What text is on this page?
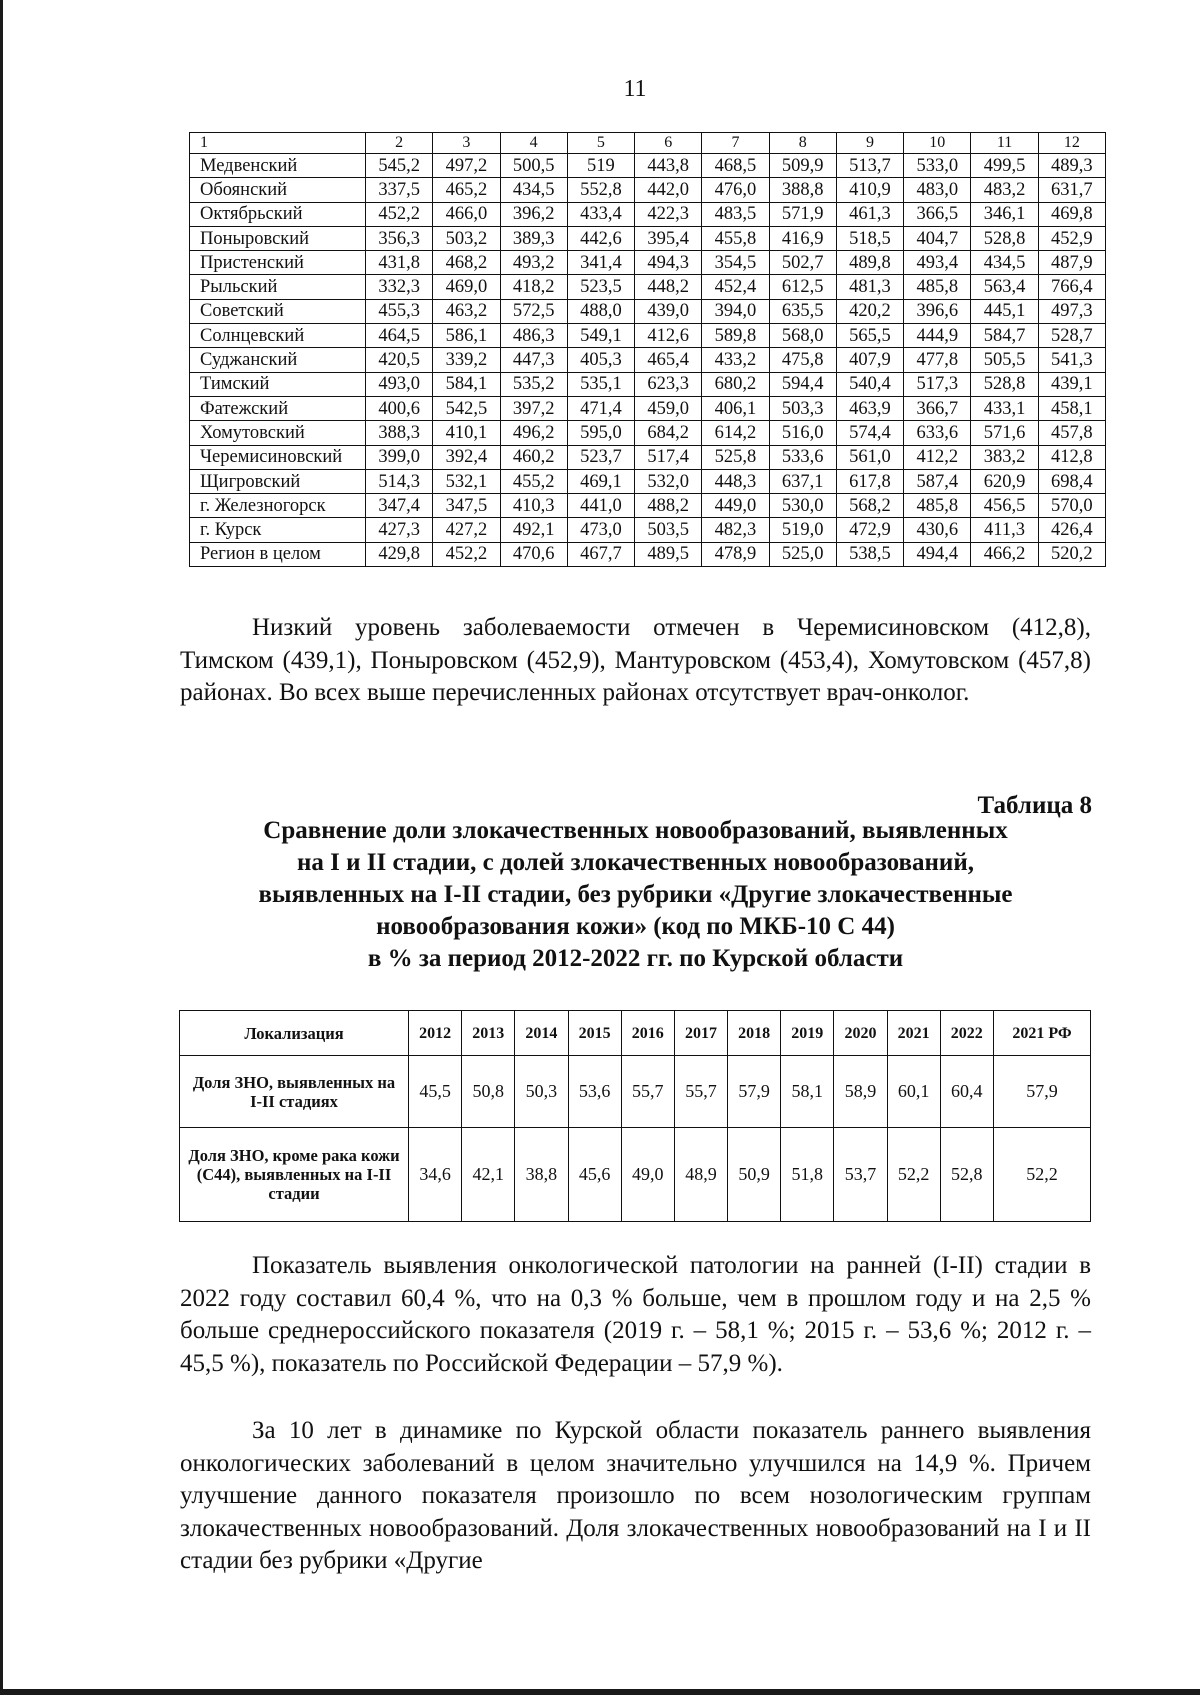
11
1	2	3	4	5	6	7	8	9	10	11	12
Медвенский	545,2	497,2	500,5	519	443,8	468,5	509,9	513,7	533,0	499,5	489,3
Обоянский	337,5	465,2	434,5	552,8	442,0	476,0	388,8	410,9	483,0	483,2	631,7
Октябрьский	452,2	466,0	396,2	433,4	422,3	483,5	571,9	461,3	366,5	346,1	469,8
Поныровский	356,3	503,2	389,3	442,6	395,4	455,8	416,9	518,5	404,7	528,8	452,9
Пристенский	431,8	468,2	493,2	341,4	494,3	354,5	502,7	489,8	493,4	434,5	487,9
Рыльский	332,3	469,0	418,2	523,5	448,2	452,4	612,5	481,3	485,8	563,4	766,4
Советский	455,3	463,2	572,5	488,0	439,0	394,0	635,5	420,2	396,6	445,1	497,3
Солнцевский	464,5	586,1	486,3	549,1	412,6	589,8	568,0	565,5	444,9	584,7	528,7
Суджанский	420,5	339,2	447,3	405,3	465,4	433,2	475,8	407,9	477,8	505,5	541,3
Тимский	493,0	584,1	535,2	535,1	623,3	680,2	594,4	540,4	517,3	528,8	439,1
Фатежский	400,6	542,5	397,2	471,4	459,0	406,1	503,3	463,9	366,7	433,1	458,1
Хомутовский	388,3	410,1	496,2	595,0	684,2	614,2	516,0	574,4	633,6	571,6	457,8
Черемисиновский	399,0	392,4	460,2	523,7	517,4	525,8	533,6	561,0	412,2	383,2	412,8
Щигровский	514,3	532,1	455,2	469,1	532,0	448,3	637,1	617,8	587,4	620,9	698,4
г. Железногорск	347,4	347,5	410,3	441,0	488,2	449,0	530,0	568,2	485,8	456,5	570,0
г. Курск	427,3	427,2	492,1	473,0	503,5	482,3	519,0	472,9	430,6	411,3	426,4
Регион в целом	429,8	452,2	470,6	467,7	489,5	478,9	525,0	538,5	494,4	466,2	520,2
Низкий уровень заболеваемости отмечен в Черемисиновском (412,8), Тимском (439,1), Поныровском (452,9), Мантуровском (453,4), Хомутовском (457,8) районах. Во всех выше перечисленных районах отсутствует врач-онколог.
Таблица 8
Сравнение доли злокачественных новообразований, выявленных
на I и II стадии, с долей злокачественных новообразований,
выявленных на I-II стадии, без рубрики «Другие злокачественные
новообразования кожи» (код по МКБ-10 С 44)
в % за период 2012-2022 гг. по Курской области
Локализация	2012	2013	2014	2015	2016	2017	2018	2019	2020	2021	2022	2021 РФ
Доля ЗНО, выявленных на I-II стадиях	45,5	50,8	50,3	53,6	55,7	55,7	57,9	58,1	58,9	60,1	60,4	57,9
Доля ЗНО, кроме рака кожи (С44), выявленных на I-II стадии	34,6	42,1	38,8	45,6	49,0	48,9	50,9	51,8	53,7	52,2	52,8	52,2
Показатель выявления онкологической патологии на ранней (I-II) стадии в 2022 году составил 60,4 %, что на 0,3 % больше, чем в прошлом году и на 2,5 % больше среднероссийского показателя (2019 г. – 58,1 %; 2015 г. – 53,6 %; 2012 г. – 45,5 %), показатель по Российской Федерации – 57,9 %).
За 10 лет в динамике по Курской области показатель раннего выявления онкологических заболеваний в целом значительно улучшился на 14,9 %. Причем улучшение данного показателя произошло по всем нозологическим группам злокачественных новообразований. Доля злокачественных новообразований на I и II стадии без рубрики «Другие
